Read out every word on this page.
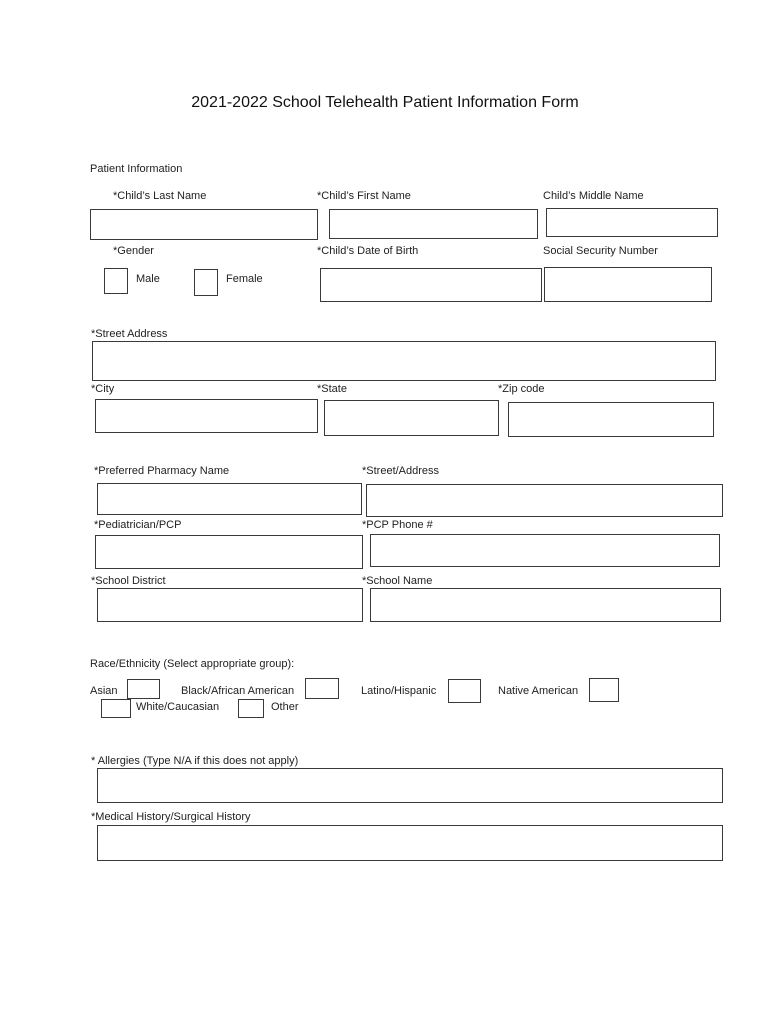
2021-2022 School Telehealth Patient Information Form
Patient Information
*Child’s Last Name	*Child’s First Name	Child’s Middle Name
*Gender	*Child’s Date of Birth	Social Security Number
Male	Female
*Street Address
*City	*State	*Zip code
*Preferred Pharmacy Name	*Street/Address
*Pediatrician/PCP	*PCP Phone #
*School District	*School Name
Race/Ethnicity (Select appropriate group):
Asian	Black/African American	Latino/Hispanic	Native American
White/Caucasian	Other
* Allergies (Type N/A if this does not apply)
*Medical History/Surgical History
